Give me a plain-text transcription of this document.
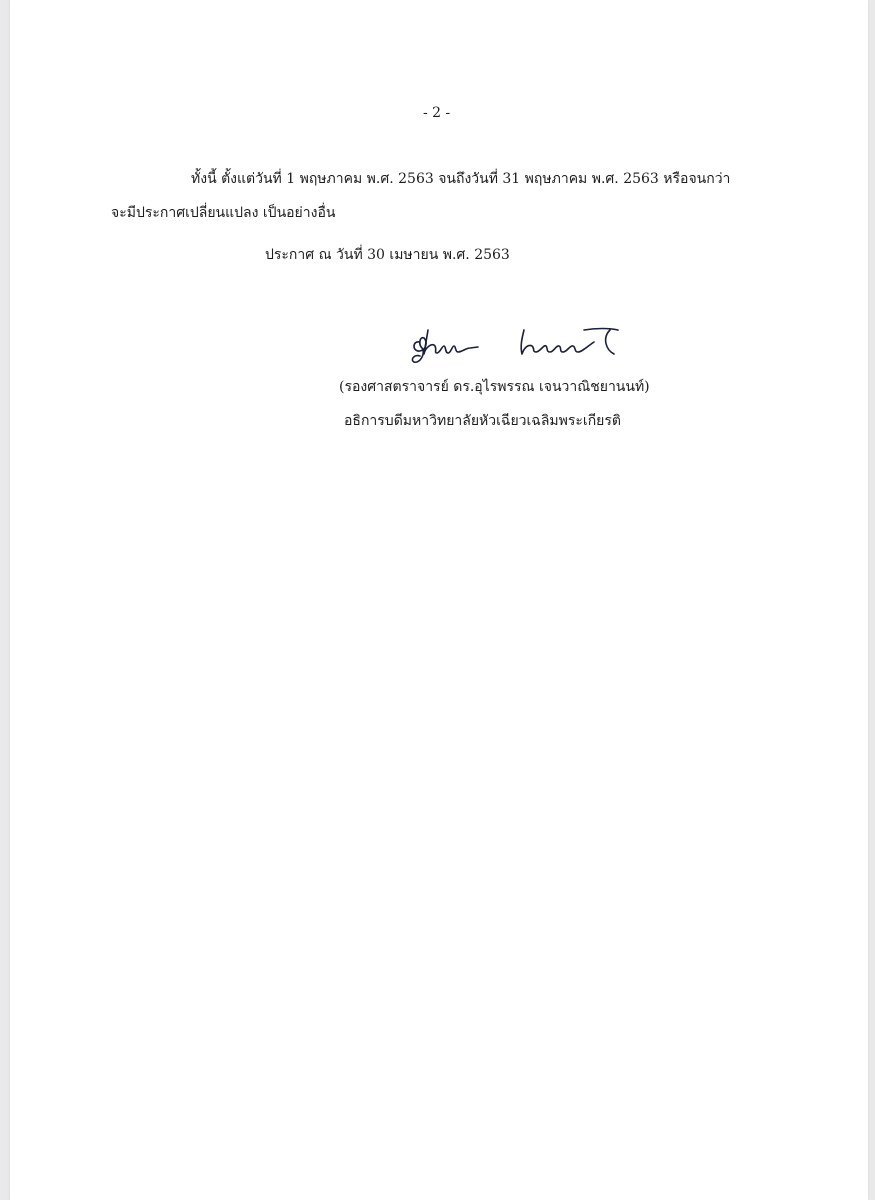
- 2 -
ทั้งนี้ ตั้งแต่วันที่ 1 พฤษภาคม พ.ศ. 2563 จนถึงวันที่ 31 พฤษภาคม พ.ศ. 2563 หรือจนกว่า
จะมีประกาศเปลี่ยนแปลง เป็นอย่างอื่น
ประกาศ ณ วันที่ 30 เมษายน พ.ศ. 2563
(รองศาสตราจารย์ ดร.อุไรพรรณ เจนวาณิชยานนท์)
อธิการบดีมหาวิทยาลัยหัวเฉียวเฉลิมพระเกียรติ
